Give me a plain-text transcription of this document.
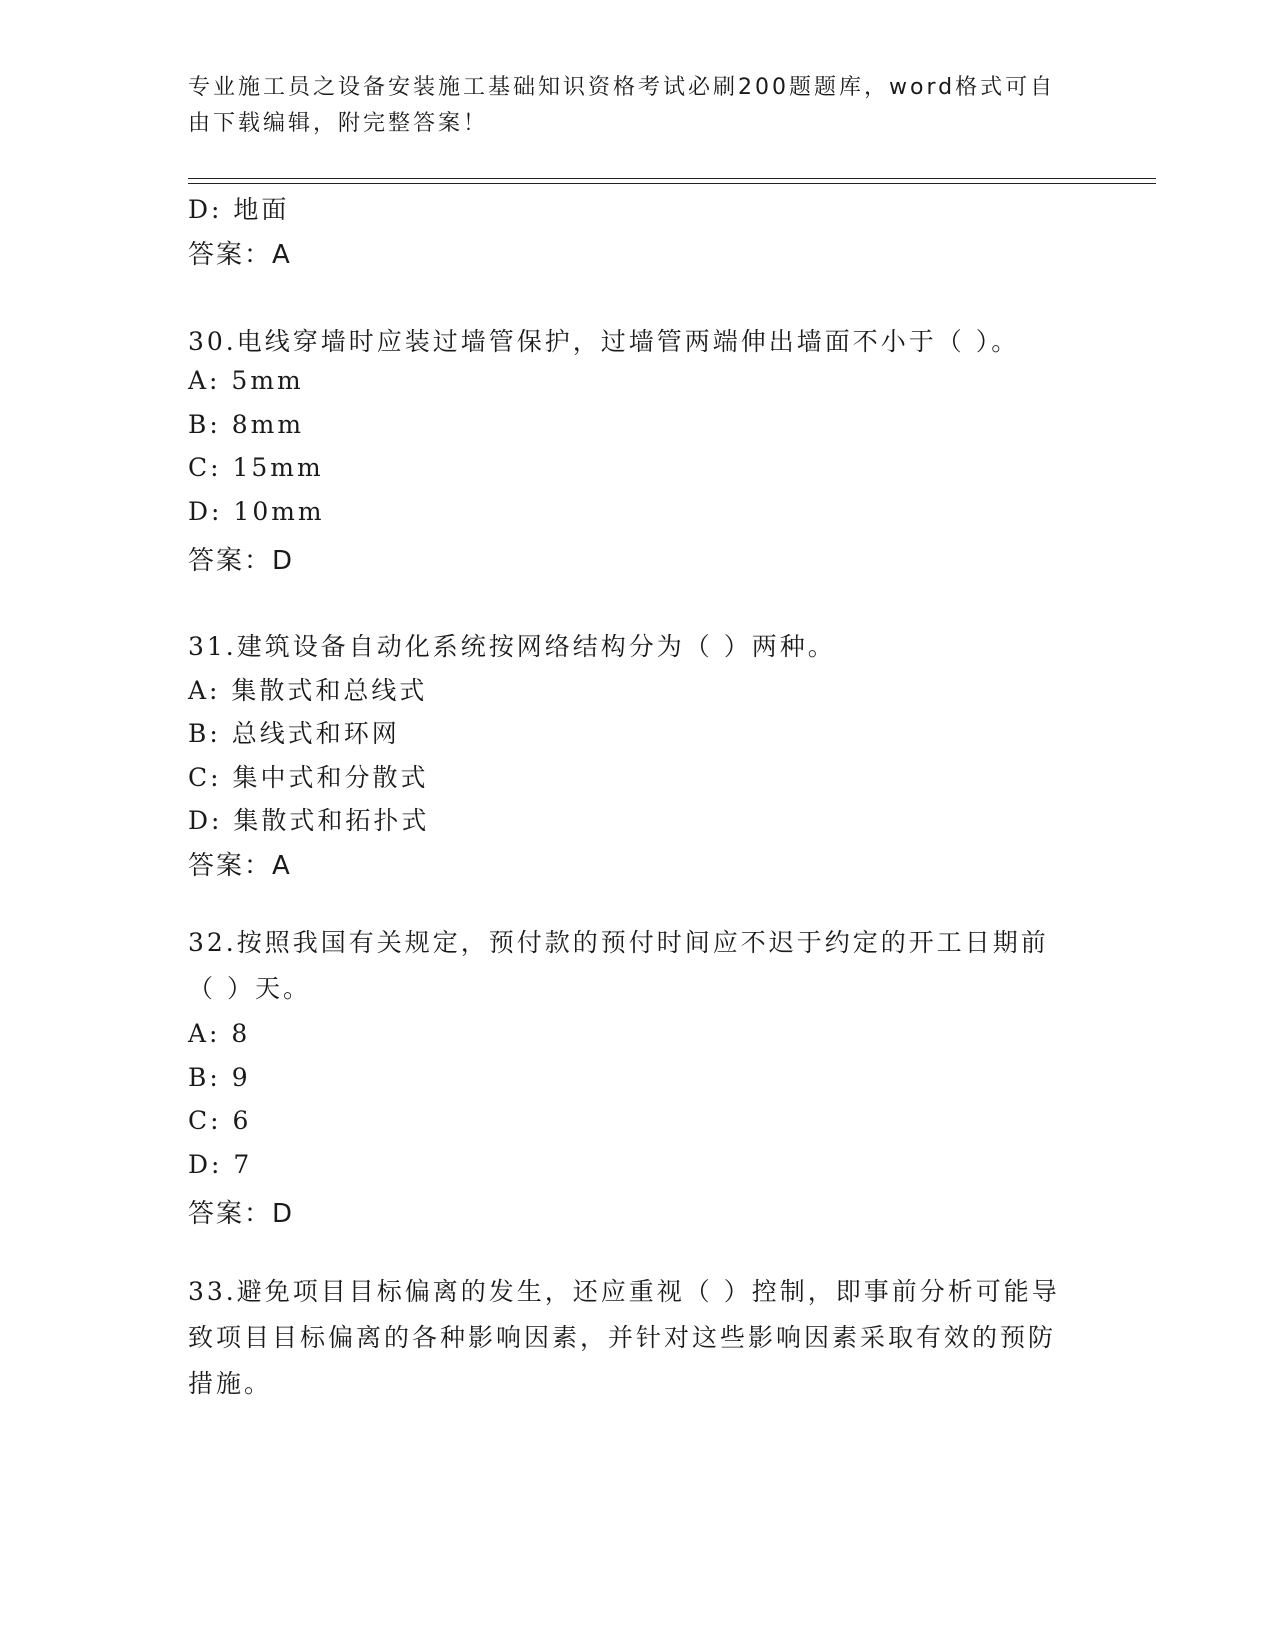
专业施工员之设备安装施工基础知识资格考试必刷200题题库，word格式可自由下载编辑，附完整答案！
D: 地面
答案：A
30.电线穿墙时应装过墙管保护，过墙管两端伸出墙面不小于（ ）。
A: 5mm
B: 8mm
C: 15mm
D: 10mm
答案：D
31.建筑设备自动化系统按网络结构分为（ ）两种。
A: 集散式和总线式
B: 总线式和环网
C: 集中式和分散式
D: 集散式和拓扑式
答案：A
32.按照我国有关规定，预付款的预付时间应不迟于约定的开工日期前（ ）天。
A: 8
B: 9
C: 6
D: 7
答案：D
33.避免项目目标偏离的发生，还应重视（ ）控制，即事前分析可能导致项目目标偏离的各种影响因素，并针对这些影响因素采取有效的预防措施。
